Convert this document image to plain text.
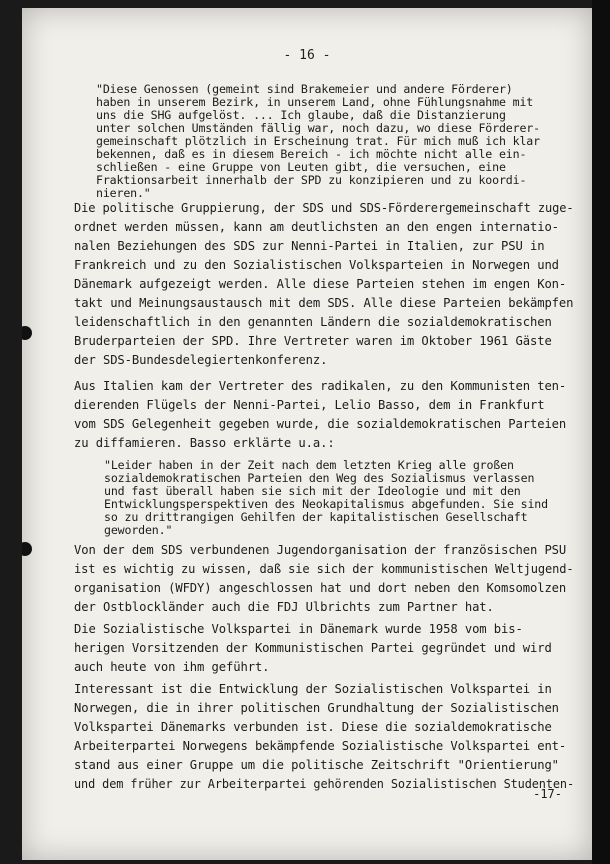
- 16 -
"Diese Genossen (gemeint sind Brakemeier und andere Förderer)
haben in unserem Bezirk, in unserem Land, ohne Fühlungsnahme mit
uns die SHG aufgelöst. ... Ich glaube, daß die Distanzierung
unter solchen Umständen fällig war, noch dazu, wo diese Förderer-
gemeinschaft plötzlich in Erscheinung trat. Für mich muß ich klar
bekennen, daß es in diesem Bereich - ich möchte nicht alle ein-
schließen - eine Gruppe von Leuten gibt, die versuchen, eine
Fraktionsarbeit innerhalb der SPD zu konzipieren und zu koordi-
nieren."
Die politische Gruppierung, der SDS und SDS-Förderergemeinschaft zuge-
ordnet werden müssen, kann am deutlichsten an den engen internatio-
nalen Beziehungen des SDS zur Nenni-Partei in Italien, zur PSU in
Frankreich und zu den Sozialistischen Volksparteien in Norwegen und
Dänemark aufgezeigt werden. Alle diese Parteien stehen im engen Kon-
takt und Meinungsaustausch mit dem SDS. Alle diese Parteien bekämpfen
leidenschaftlich in den genannten Ländern die sozialdemokratischen
Bruderparteien der SPD. Ihre Vertreter waren im Oktober 1961 Gäste
der SDS-Bundesdelegiertenkonferenz.
Aus Italien kam der Vertreter des radikalen, zu den Kommunisten ten-
dierenden Flügels der Nenni-Partei, Lelio Basso, dem in Frankfurt
vom SDS Gelegenheit gegeben wurde, die sozialdemokratischen Parteien
zu diffamieren. Basso erklärte u.a.:
"Leider haben in der Zeit nach dem letzten Krieg alle großen
sozialdemokratischen Parteien den Weg des Sozialismus verlassen
und fast überall haben sie sich mit der Ideologie und mit den
Entwicklungsperspektiven des Neokapitalismus abgefunden. Sie sind
so zu drittrangigen Gehilfen der kapitalistischen Gesellschaft
geworden."
Von der dem SDS verbundenen Jugendorganisation der französischen PSU
ist es wichtig zu wissen, daß sie sich der kommunistischen Weltjugend-
organisation (WFDY) angeschlossen hat und dort neben den Komsomolzen
der Ostblockländer auch die FDJ Ulbrichts zum Partner hat.
Die Sozialistische Volkspartei in Dänemark wurde 1958 vom bis-
herigen Vorsitzenden der Kommunistischen Partei gegründet und wird
auch heute von ihm geführt.
Interessant ist die Entwicklung der Sozialistischen Volkspartei in
Norwegen, die in ihrer politischen Grundhaltung der Sozialistischen
Volkspartei Dänemarks verbunden ist. Diese die sozialdemokratische
Arbeiterpartei Norwegens bekämpfende Sozialistische Volkspartei ent-
stand aus einer Gruppe um die politische Zeitschrift "Orientierung"
und dem früher zur Arbeiterpartei gehörenden Sozialistischen Studenten-
-17-
